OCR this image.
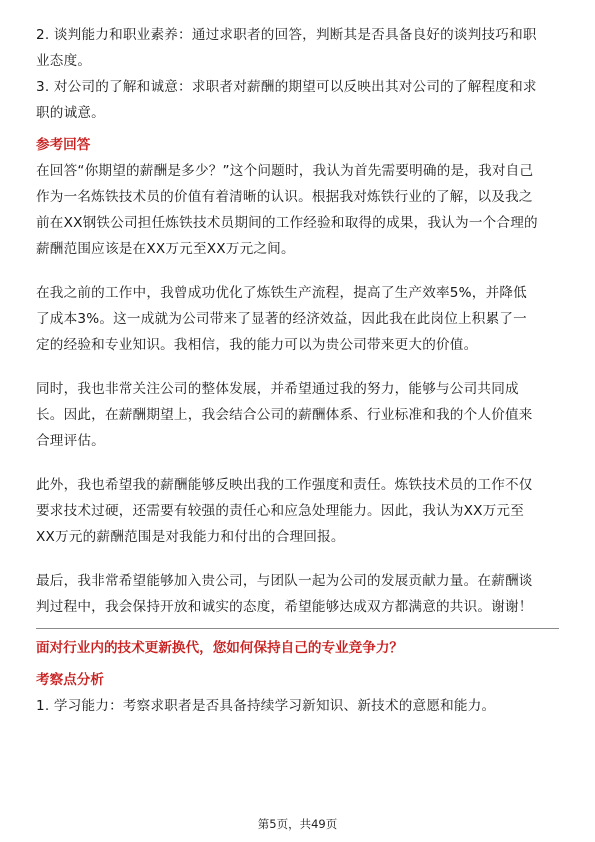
2. 谈判能力和职业素养：通过求职者的回答，判断其是否具备良好的谈判技巧和职

业态度。

3. 对公司的了解和诚意：求职者对薪酬的期望可以反映出其对公司的了解程度和求

职的诚意。

参考回答

在回答“你期望的薪酬是多少？”这个问题时，我认为首先需要明确的是，我对自己

作为一名炼铁技术员的价值有着清晰的认识。根据我对炼铁行业的了解，以及我之

前在XX钢铁公司担任炼铁技术员期间的工作经验和取得的成果，我认为一个合理的

薪酬范围应该是在XX万元至XX万元之间。

在我之前的工作中，我曾成功优化了炼铁生产流程，提高了生产效率5%，并降低

了成本3%。这一成就为公司带来了显著的经济效益，因此我在此岗位上积累了一

定的经验和专业知识。我相信，我的能力可以为贵公司带来更大的价值。

同时，我也非常关注公司的整体发展，并希望通过我的努力，能够与公司共同成

长。因此，在薪酬期望上，我会结合公司的薪酬体系、行业标准和我的个人价值来

合理评估。

此外，我也希望我的薪酬能够反映出我的工作强度和责任。炼铁技术员的工作不仅

要求技术过硬，还需要有较强的责任心和应急处理能力。因此，我认为XX万元至

XX万元的薪酬范围是对我能力和付出的合理回报。

最后，我非常希望能够加入贵公司，与团队一起为公司的发展贡献力量。在薪酬谈

判过程中，我会保持开放和诚实的态度，希望能够达成双方都满意的共识。谢谢！

面对行业内的技术更新换代，您如何保持自己的专业竞争力？

考察点分析

1. 学习能力：考察求职者是否具备持续学习新知识、新技术的意愿和能力。

第5页，共49页
